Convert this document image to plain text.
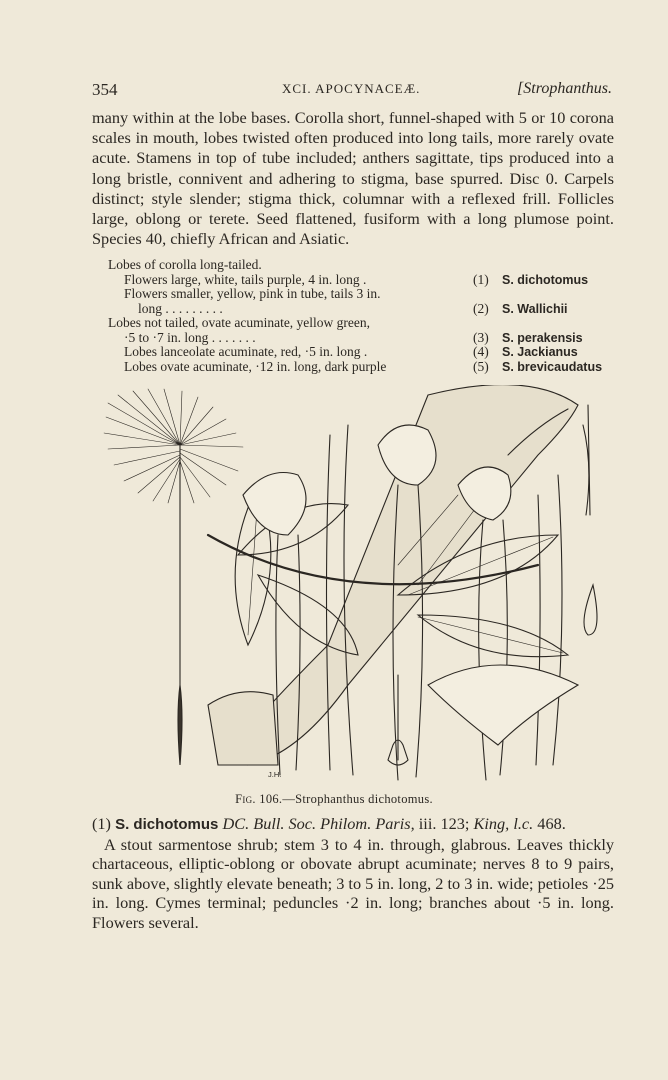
354	XCI. APOCYNACEÆ.	[Strophanthus.

many within at the lobe bases. Corolla short, funnel-shaped with 5 or 10 corona scales in mouth, lobes twisted often produced into long tails, more rarely ovate acute. Stamens in top of tube included; anthers sagittate, tips produced into a long bristle, connivent and adhering to stigma, base spurred. Disc 0. Carpels distinct; style slender; stigma thick, columnar with a reflexed frill. Follicles large, oblong or terete. Seed flattened, fusiform with a long plumose point. Species 40, chiefly African and Asiatic.

Lobes of corolla long-tailed.
Flowers large, white, tails purple, 4 in. long .	(1) S. dichotomus
Flowers smaller, yellow, pink in tube, tails 3 in.
long . . . . . . . . .	(2) S. Wallichii
Lobes not tailed, ovate acuminate, yellow green,
·5 to ·7 in. long . . . . . . .	(3) S. perakensis
Lobes lanceolate acuminate, red, ·5 in. long .	(4) S. Jackianus
Lobes ovate acuminate, ·12 in. long, dark purple	(5) S. brevicaudatus
J.H.
Fig. 106.—Strophanthus dichotomus.

(1) S. dichotomus DC. Bull. Soc. Philom. Paris, iii. 123; King, l.c. 468.
A stout sarmentose shrub; stem 3 to 4 in. through, glabrous. Leaves thickly chartaceous, elliptic-oblong or obovate abrupt acuminate; nerves 8 to 9 pairs, sunk above, slightly elevate beneath; 3 to 5 in. long, 2 to 3 in. wide; petioles ·25 in. long. Cymes terminal; peduncles ·2 in. long; branches about ·5 in. long. Flowers several.
